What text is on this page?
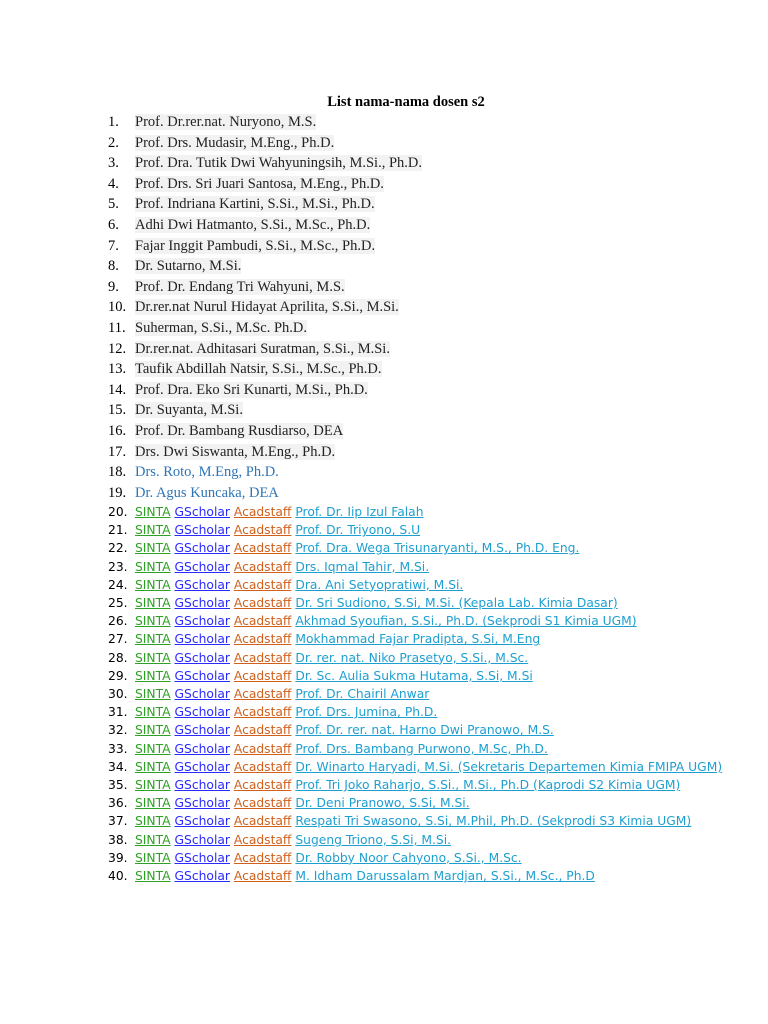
List nama-nama dosen s2
1. Prof. Dr.rer.nat. Nuryono, M.S.
2. Prof. Drs. Mudasir, M.Eng., Ph.D.
3. Prof. Dra. Tutik Dwi Wahyuningsih, M.Si., Ph.D.
4. Prof. Drs. Sri Juari Santosa, M.Eng., Ph.D.
5. Prof. Indriana Kartini, S.Si., M.Si., Ph.D.
6. Adhi Dwi Hatmanto, S.Si., M.Sc., Ph.D.
7. Fajar Inggit Pambudi, S.Si., M.Sc., Ph.D.
8. Dr. Sutarno, M.Si.
9. Prof. Dr. Endang Tri Wahyuni, M.S.
10. Dr.rer.nat Nurul Hidayat Aprilita, S.Si., M.Si.
11. Suherman, S.Si., M.Sc. Ph.D.
12. Dr.rer.nat. Adhitasari Suratman, S.Si., M.Si.
13. Taufik Abdillah Natsir, S.Si., M.Sc., Ph.D.
14. Prof. Dra. Eko Sri Kunarti, M.Si., Ph.D.
15. Dr. Suyanta, M.Si.
16. Prof. Dr. Bambang Rusdiarso, DEA
17. Drs. Dwi Siswanta, M.Eng., Ph.D.
18. Drs. Roto, M.Eng, Ph.D.
19. Dr. Agus Kuncaka, DEA
20. SINTA GScholar Acadstaff Prof. Dr. Iip Izul Falah
21. SINTA GScholar Acadstaff Prof. Dr. Triyono, S.U
22. SINTA GScholar Acadstaff Prof. Dra. Wega Trisunaryanti, M.S., Ph.D. Eng.
23. SINTA GScholar Acadstaff Drs. Iqmal Tahir, M.Si.
24. SINTA GScholar Acadstaff Dra. Ani Setyopratiwi, M.Si.
25. SINTA GScholar Acadstaff Dr. Sri Sudiono, S.Si, M.Si. (Kepala Lab. Kimia Dasar)
26. SINTA GScholar Acadstaff Akhmad Syoufian, S.Si., Ph.D. (Sekprodi S1 Kimia UGM)
27. SINTA GScholar Acadstaff Mokhammad Fajar Pradipta, S.Si, M.Eng
28. SINTA GScholar Acadstaff Dr. rer. nat. Niko Prasetyo, S.Si., M.Sc.
29. SINTA GScholar Acadstaff Dr. Sc. Aulia Sukma Hutama, S.Si, M.Si
30. SINTA GScholar Acadstaff Prof. Dr. Chairil Anwar
31. SINTA GScholar Acadstaff Prof. Drs. Jumina, Ph.D.
32. SINTA GScholar Acadstaff Prof. Dr. rer. nat. Harno Dwi Pranowo, M.S.
33. SINTA GScholar Acadstaff Prof. Drs. Bambang Purwono, M.Sc, Ph.D.
34. SINTA GScholar Acadstaff Dr. Winarto Haryadi, M.Si. (Sekretaris Departemen Kimia FMIPA UGM)
35. SINTA GScholar Acadstaff Prof. Tri Joko Raharjo, S.Si., M.Si., Ph.D (Kaprodi S2 Kimia UGM)
36. SINTA GScholar Acadstaff Dr. Deni Pranowo, S.Si, M.Si.
37. SINTA GScholar Acadstaff Respati Tri Swasono, S.Si, M.Phil, Ph.D. (Sekprodi S3 Kimia UGM)
38. SINTA GScholar Acadstaff Sugeng Triono, S.Si, M.Si.
39. SINTA GScholar Acadstaff Dr. Robby Noor Cahyono, S.Si., M.Sc.
40. SINTA GScholar Acadstaff M. Idham Darussalam Mardjan, S.Si., M.Sc., Ph.D
